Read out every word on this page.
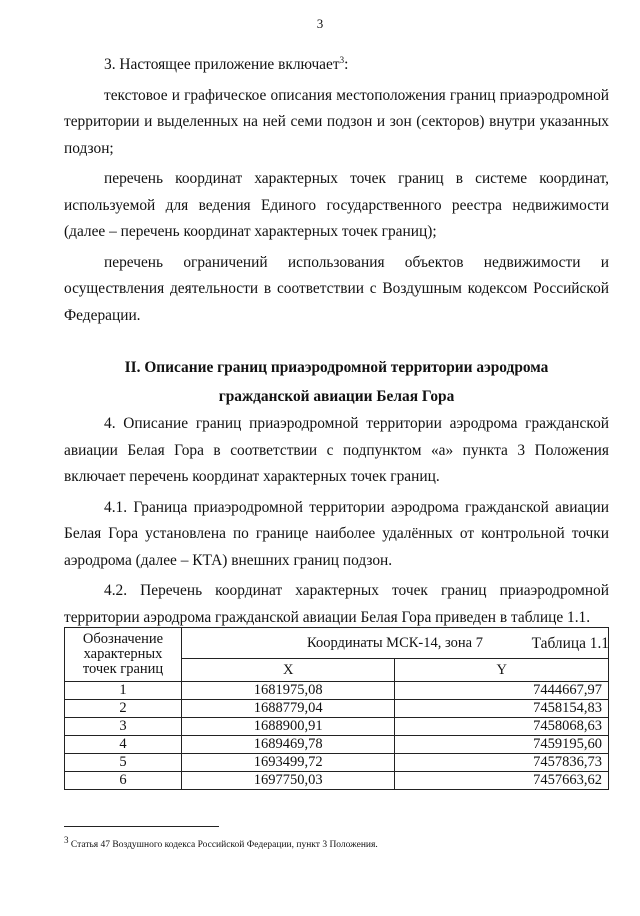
3

3. Настоящее приложение включает$^3$:

текстовое и графическое описания местоположения границ приаэродромной территории и выделенных на ней семи подзон и зон (секторов) внутри указанных подзон;

перечень координат характерных точек границ в системе координат, используемой для ведения Единого государственного реестра недвижимости (далее – перечень координат характерных точек границ);

перечень ограничений использования объектов недвижимости и осуществления деятельности в соответствии с Воздушным кодексом Российской Федерации.

II. Описание границ приаэродромной территории аэродрома
гражданской авиации Белая Гора

4. Описание границ приаэродромной территории аэродрома гражданской авиации Белая Гора в соответствии с подпунктом «а» пункта 3 Положения включает перечень координат характерных точек границ.

4.1. Граница приаэродромной территории аэродрома гражданской авиации Белая Гора установлена по границе наиболее удалённых от контрольной точки аэродрома (далее – КТА) внешних границ подзон.

4.2. Перечень координат характерных точек границ приаэродромной территории аэродрома гражданской авиации Белая Гора приведен в таблице 1.1.

Таблица 1.1

Обозначение характерных точек границ	Координаты МСК-14, зона 7	
	X	Y
1	1681975,08	7444667,97
2	1688779,04	7458154,83
3	1688900,91	7458068,63
4	1689469,78	7459195,60
5	1693499,72	7457836,73
6	1697750,03	7457663,62
$^3$ Статья 47 Воздушного кодекса Российской Федерации, пункт 3 Положения.
